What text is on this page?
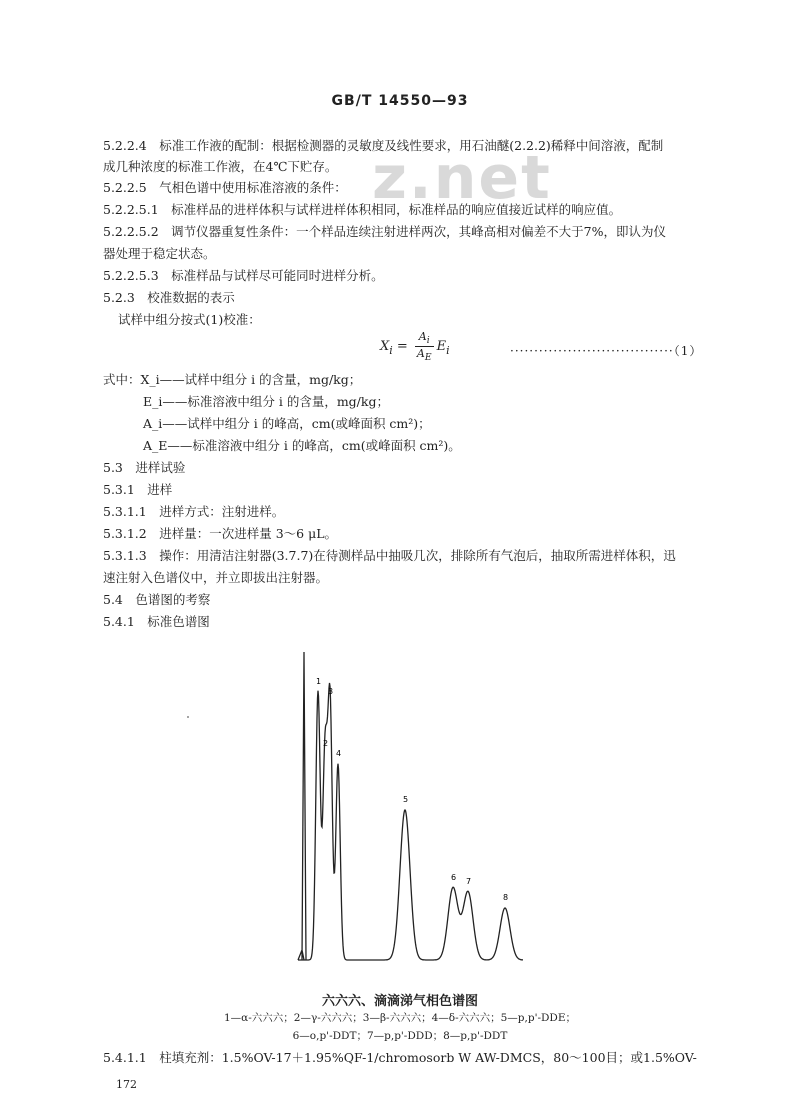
GB/T 14550—93
z.net
5.2.2.4　标准工作液的配制：根据检测器的灵敏度及线性要求，用石油醚(2.2.2)稀释中间溶液，配制
成几种浓度的标准工作液，在4℃下贮存。
5.2.2.5　气相色谱中使用标准溶液的条件：
5.2.2.5.1　标准样品的进样体积与试样进样体积相同，标准样品的响应值接近试样的响应值。
5.2.2.5.2　调节仪器重复性条件：一个样品连续注射进样两次，其峰高相对偏差不大于7%，即认为仪
器处理于稳定状态。
5.2.2.5.3　标准样品与试样尽可能同时进样分析。
5.2.3　校准数据的表示
试样中组分按式(1)校准：
$X_i = \frac{A_i}{A_E} E_i$	··································（1）
式中：X_i——试样中组分 i 的含量，mg/kg；
E_i——标准溶液中组分 i 的含量，mg/kg；
A_i——试样中组分 i 的峰高，cm(或峰面积 cm²)；
A_E——标准溶液中组分 i 的峰高，cm(或峰面积 cm²)。
5.3　进样试验
5.3.1　进样
5.3.1.1　进样方式：注射进样。
5.3.1.2　进样量：一次进样量 3～6 μL。
5.3.1.3　操作：用清洁注射器(3.7.7)在待测样品中抽吸几次，排除所有气泡后，抽取所需进样体积，迅
速注射入色谱仪中，并立即拔出注射器。
5.4　色谱图的考察
5.4.1　标准色谱图
1
2
3
4
5
6 7
8
六六六、滴滴涕气相色谱图
1—α-六六六；2—γ-六六六；3—β-六六六；4—δ-六六六；5—p,p'-DDE；
6—o,p'-DDT；7—p,p'-DDD；8—p,p'-DDT
5.4.1.1　柱填充剂：1.5%OV-17＋1.95%QF-1/chromosorb W AW-DMCS，80～100目；或1.5%OV-
172
